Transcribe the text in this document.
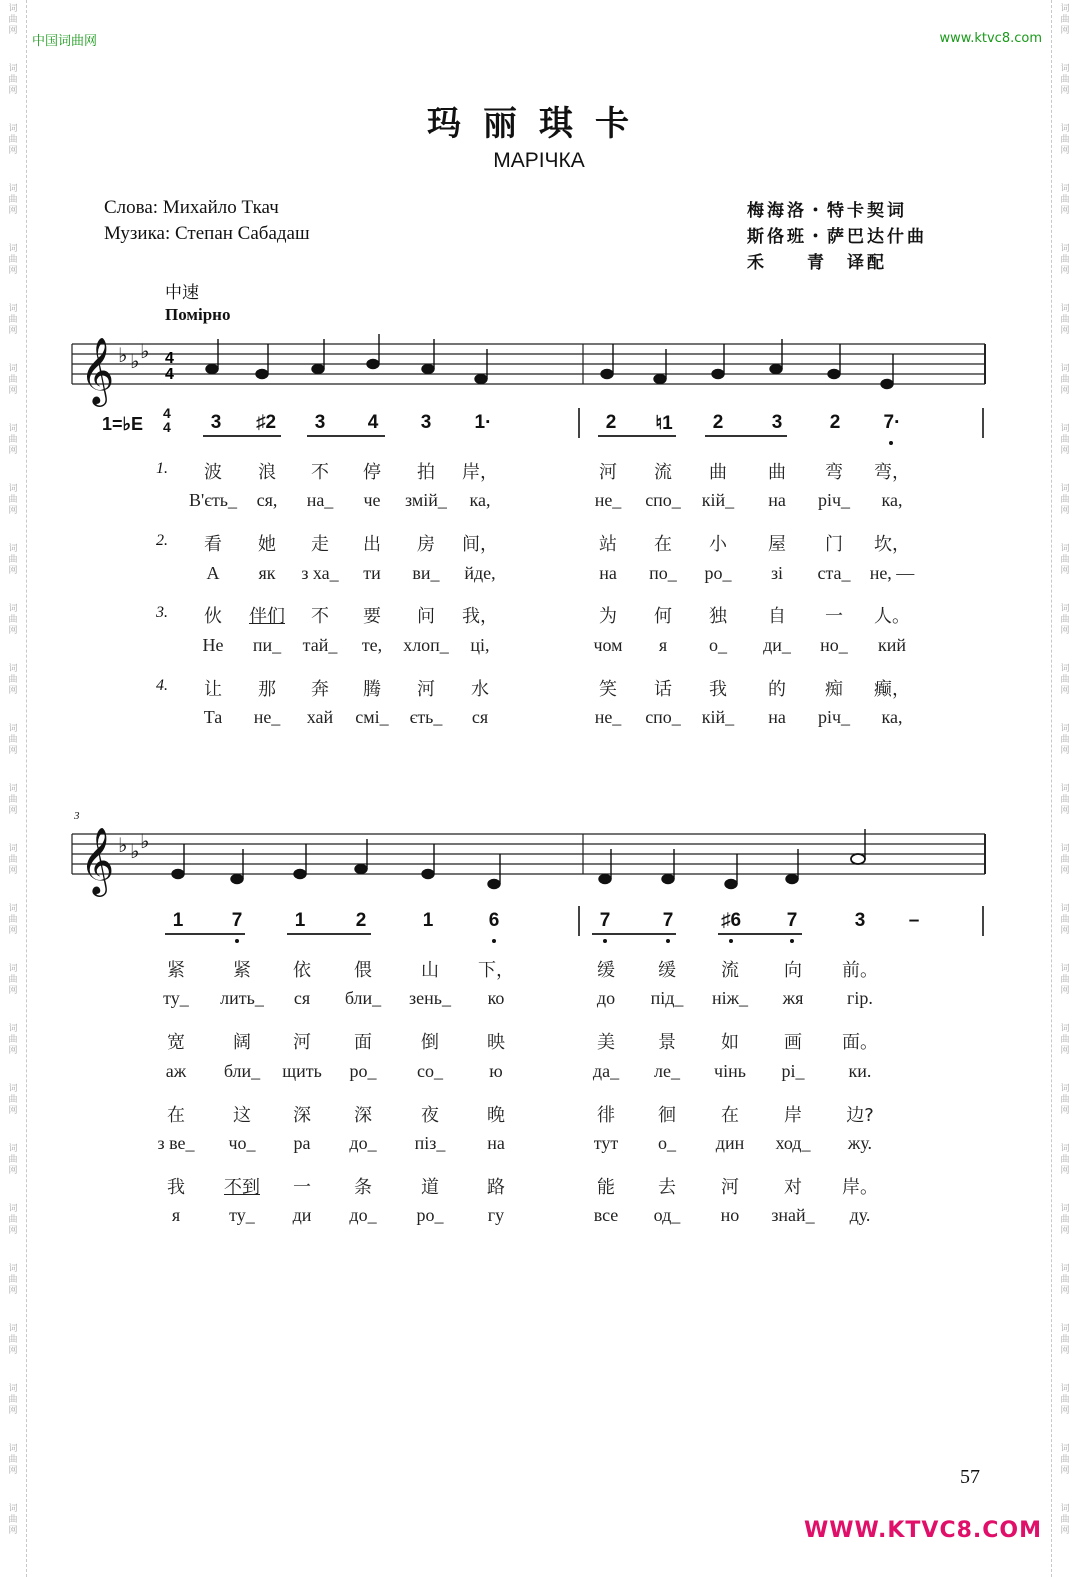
词曲网
词曲网
词曲网
词曲网
词曲网
词曲网
词曲网
词曲网
词曲网
词曲网
词曲网
词曲网
词曲网
词曲网
词曲网
词曲网
词曲网
词曲网
词曲网
词曲网
词曲网
词曲网
词曲网
词曲网
词曲网
词曲网
词曲网
词曲网
词曲网
词曲网
词曲网
词曲网
词曲网
词曲网
词曲网
词曲网
词曲网
词曲网
词曲网
词曲网
词曲网
词曲网
词曲网
词曲网
词曲网
词曲网
词曲网
词曲网
词曲网
词曲网
词曲网
词曲网
中国词曲网	www.ktvc8.com
玛丽琪卡
МАРІЧКА
Слова: Михайло Ткач
Музика: Степан Сабадаш
梅海洛・特卡契词
斯佫班・萨巴达什曲
禾　　青　译配
中速
Помірно
𝄞 ♭ ♭ ♭ 4
4
1=♭E
4
4	3	♯2	3	4	3	1·	2	♮1	2	3	2	7·
1.	波	浪	不	停	拍	岸，	河	流	曲	曲	弯	弯，
В'єть_	ся,	на_	че	змій_	ка,	не_	спо_	кій_	на	річ_	ка,
2.	看	她	走	出	房	间，	站	在	小	屋	门	坎，
А	як	з ха_	ти	ви_	йде,	на	по_	ро_	зі	ста_	не, —
3.	伙	伴们	不	要	问	我，	为	何	独	自	一	人。
Не	пи_	тай_	те,	хлоп_	ці,	чом	я	о_	ди_	но_	кий
4.	让	那	奔	腾	河	水	笑	话	我	的	痴	癫，
Та	не_	хай	смі_	єть_	ся	не_	спо_	кій_	на	річ_	ка,
3
𝄞 ♭ ♭ ♭
1	7	1	2	1	6	7	7	♯6	7	3	–
紧	紧	依	偎	山	下，	缓	缓	流	向	前。
ту_	лить_	ся	бли_	зень_	ко	до	під_	ніж_	жя	гір.
宽	阔	河	面	倒	映	美	景	如	画	面。
аж	бли_	щить	ро_	со_	ю	да_	ле_	чінь	рі_	ки.
在	这	深	深	夜	晚	徘	徊	在	岸	边?
з ве_	чо_	ра	до_	піз_	на	тут	о_	дин	ход_	жу.
我	不到	一	条	道	路	能	去	河	对	岸。
я	ту_	ди	до_	ро_	гу	все	од_	но	знай_	ду.
57
WWW.KTVC8.COM
